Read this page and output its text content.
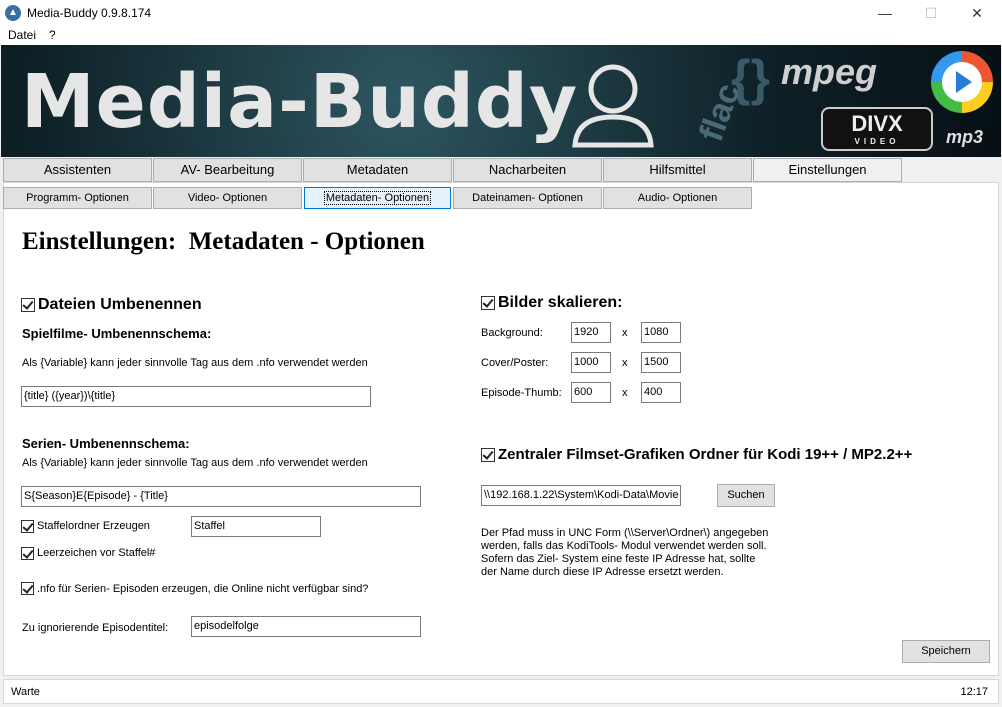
▲ Media-Buddy 0.9.8.174	—	☐	✕
Datei ?
{}
Media-Buddy	flac
mpeg
DIVX
VIDEO	mp3
Assistenten	AV- Bearbeitung	Metadaten	Nacharbeiten	Hilfsmittel	Einstellungen
Programm- Optionen	Video- Optionen	Metadaten- Optionen	Dateinamen- Optionen	Audio- Optionen
Einstellungen:  Metadaten - Optionen
Dateien Umbenennen
Spielfilme- Umbenennschema:
Als {Variable} kann jeder sinnvolle Tag aus dem .nfo verwendet werden
{title} ({year})\{title}
Serien- Umbenennschema:
Als {Variable} kann jeder sinnvolle Tag aus dem .nfo verwendet werden
S{Season}E{Episode} - {Title}
Staffelordner Erzeugen	Staffel
Leerzeichen vor Staffel#
.nfo für Serien- Episoden erzeugen, die Online nicht verfügbar sind?
Zu ignorierende Episodentitel: episodelfolge
Bilder skalieren:
Background:	1920	x 1080
Cover/Poster: 1000	x 1500
Episode-Thumb: 600	x 400
Zentraler Filmset-Grafiken Ordner für Kodi 19++ / MP2.2++
\\192.168.1.22\System\Kodi-Data\Movie	Suchen
Der Pfad muss in UNC Form (\\Server\Ordner\) angegeben werden, falls das KodiTools- Modul verwendet werden soll. Sofern das Ziel- System eine feste IP Adresse hat, sollte der Name durch diese IP Adresse ersetzt werden.
Speichern
Warte	12:17
